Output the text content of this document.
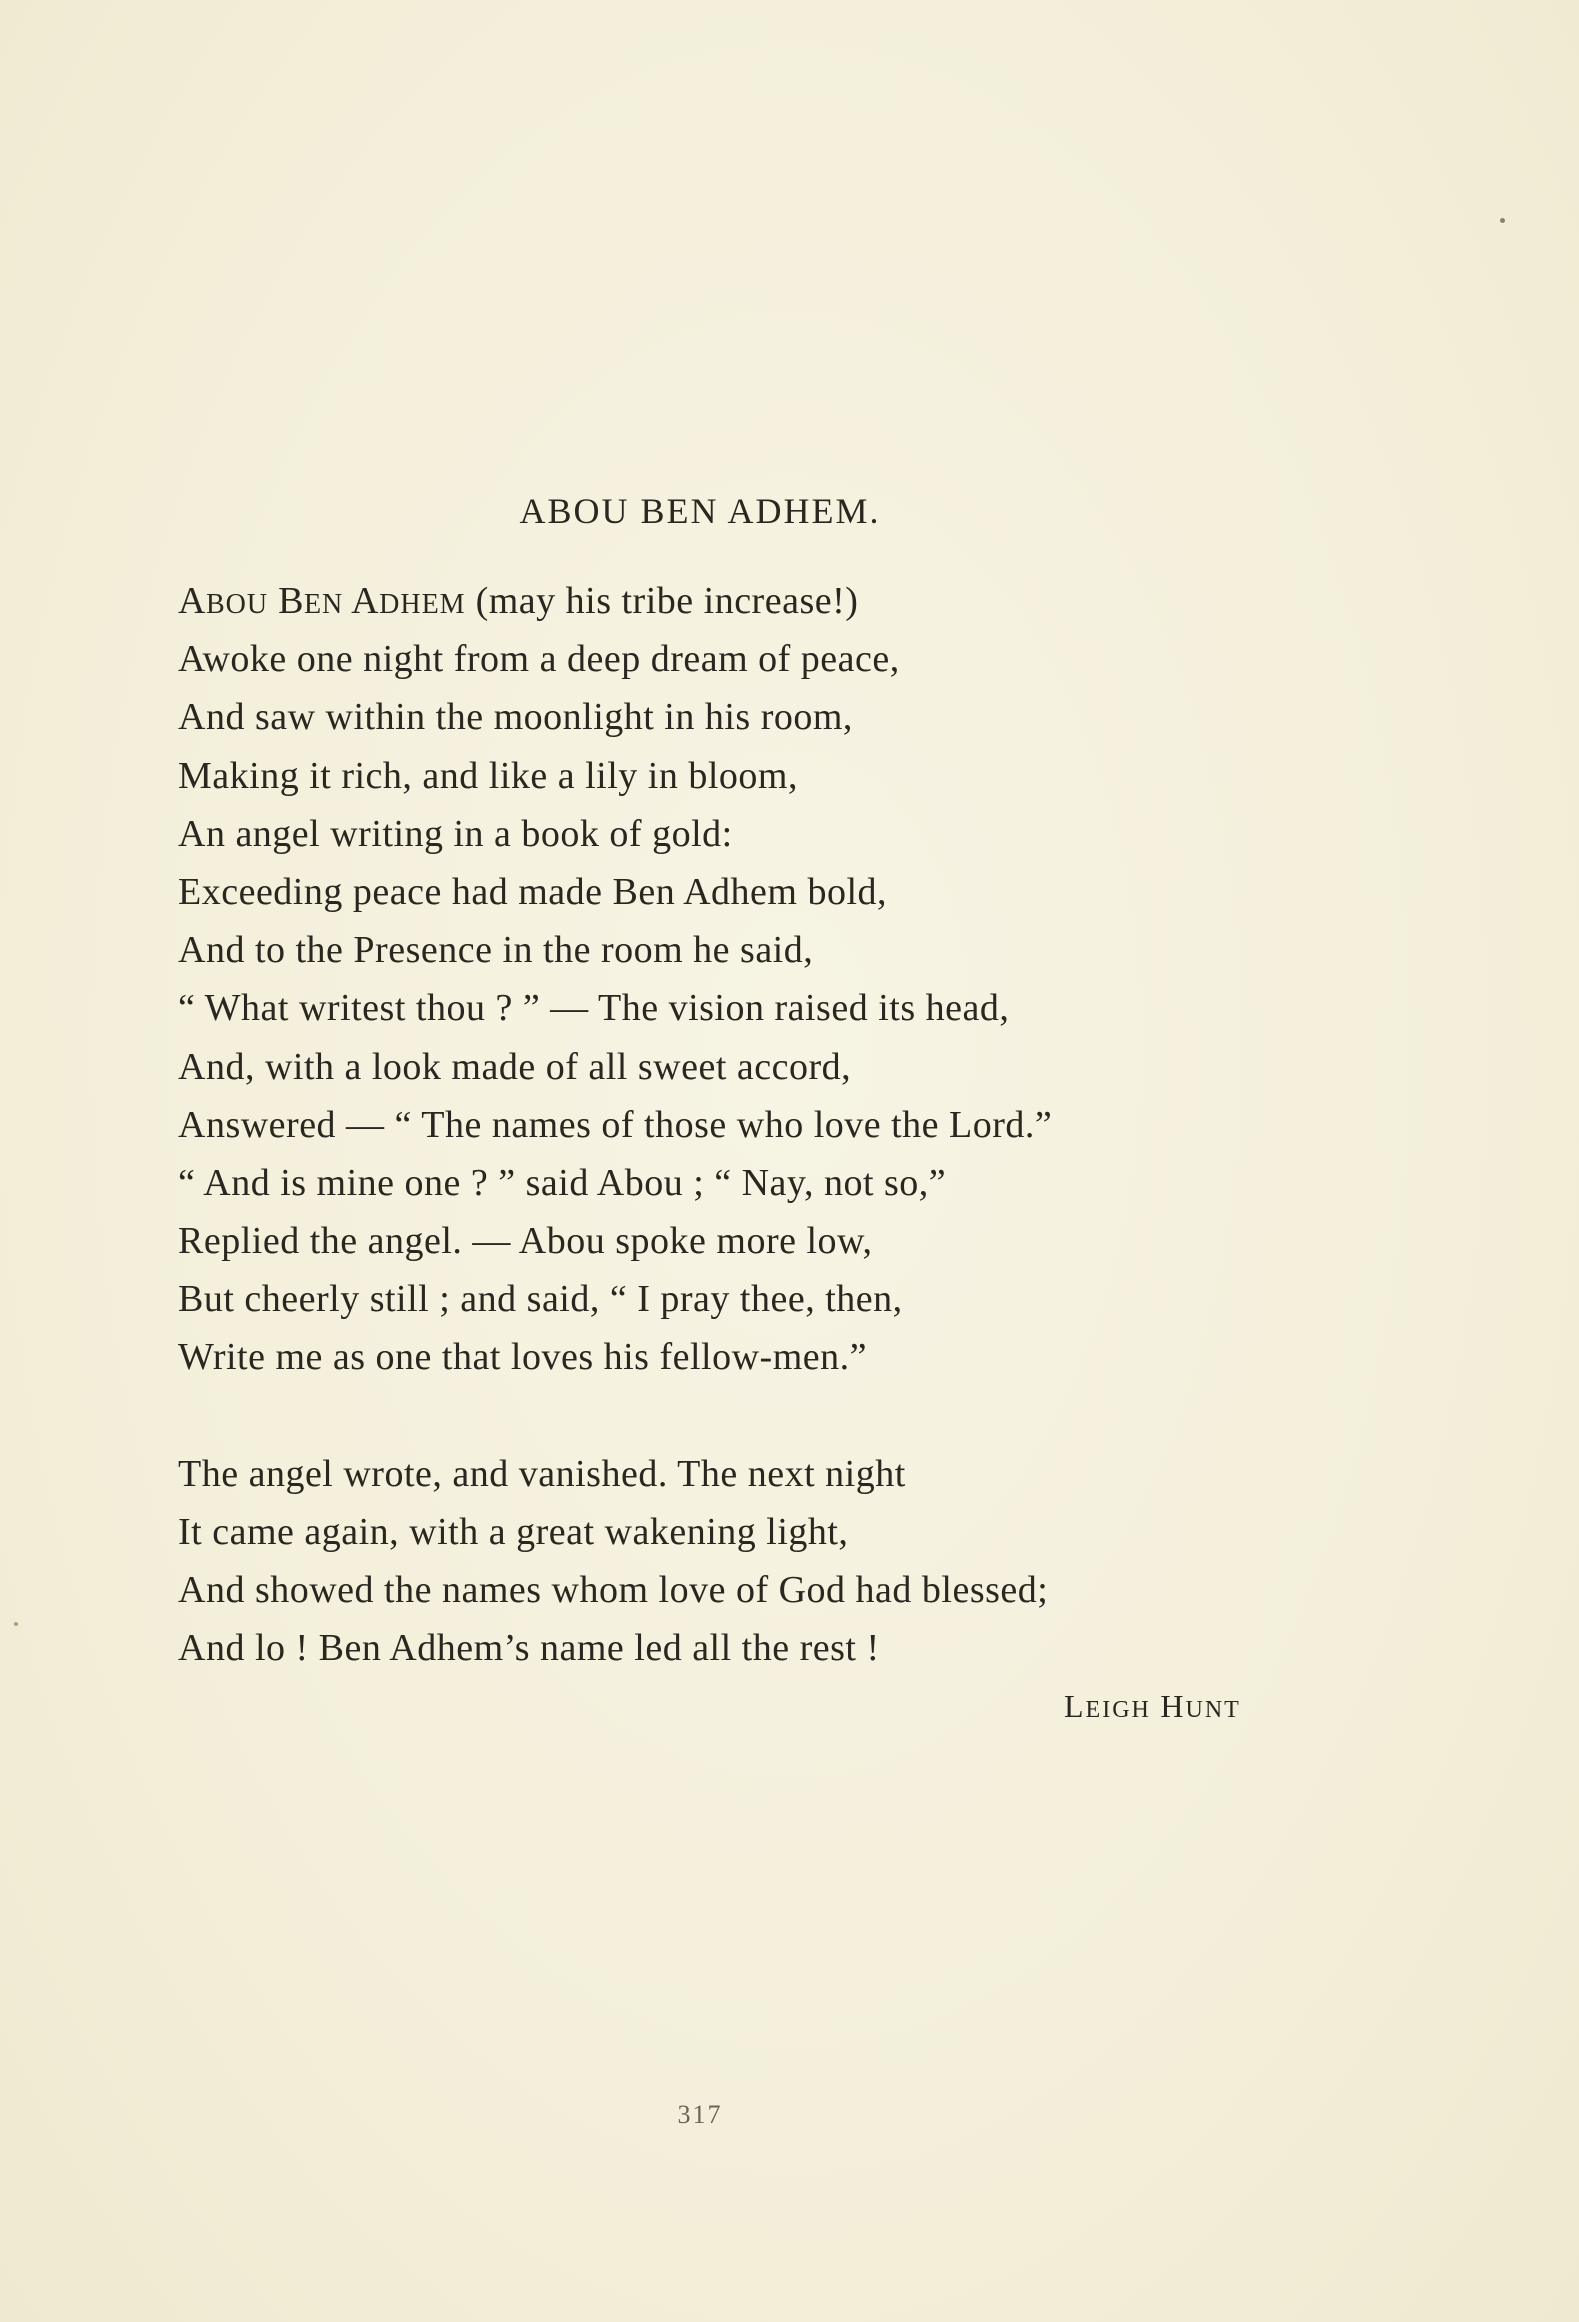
ABOU BEN ADHEM.
ABOU BEN ADHEM (may his tribe increase!)
Awoke one night from a deep dream of peace,
And saw within the moonlight in his room,
Making it rich, and like a lily in bloom,
An angel writing in a book of gold:
Exceeding peace had made Ben Adhem bold,
And to the Presence in the room he said,
“ What writest thou ? ” — The vision raised its head,
And, with a look made of all sweet accord,
Answered — “ The names of those who love the Lord.”
“ And is mine one ? ” said Abou ; “ Nay, not so,”
Replied the angel. — Abou spoke more low,
But cheerly still ; and said, “ I pray thee, then,
Write me as one that loves his fellow-men.”
The angel wrote, and vanished. The next night
It came again, with a great wakening light,
And showed the names whom love of God had blessed;
And lo ! Ben Adhem’s name led all the rest !
LEIGH HUNT
317
